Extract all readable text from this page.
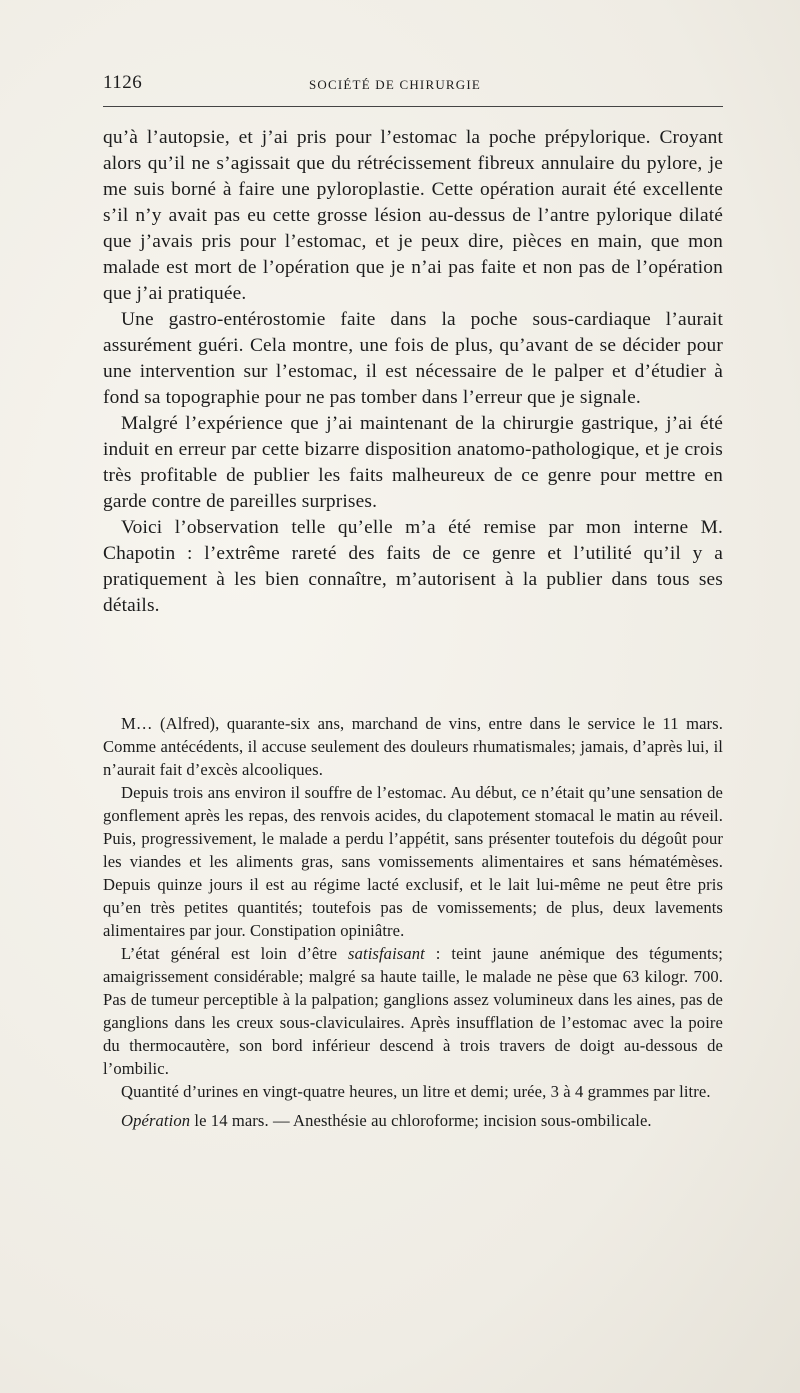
1126	SOCIÉTÉ DE CHIRURGIE

qu’à l’autopsie, et j’ai pris pour l’estomac la poche prépylorique. Croyant alors qu’il ne s’agissait que du rétrécissement fibreux annulaire du pylore, je me suis borné à faire une pyloroplastie. Cette opération aurait été excellente s’il n’y avait pas eu cette grosse lésion au-dessus de l’antre pylorique dilaté que j’avais pris pour l’estomac, et je peux dire, pièces en main, que mon malade est mort de l’opération que je n’ai pas faite et non pas de l’opération que j’ai pratiquée.

Une gastro-entérostomie faite dans la poche sous-cardiaque l’aurait assurément guéri. Cela montre, une fois de plus, qu’avant de se décider pour une intervention sur l’estomac, il est nécessaire de le palper et d’étudier à fond sa topographie pour ne pas tomber dans l’erreur que je signale.

Malgré l’expérience que j’ai maintenant de la chirurgie gastrique, j’ai été induit en erreur par cette bizarre disposition anatomo-pathologique, et je crois très profitable de publier les faits malheureux de ce genre pour mettre en garde contre de pareilles surprises.

Voici l’observation telle qu’elle m’a été remise par mon interne M. Chapotin : l’extrême rareté des faits de ce genre et l’utilité qu’il y a pratiquement à les bien connaître, m’autorisent à la publier dans tous ses détails.

M… (Alfred), quarante-six ans, marchand de vins, entre dans le service le 11 mars. Comme antécédents, il accuse seulement des douleurs rhumatismales; jamais, d’après lui, il n’aurait fait d’excès alcooliques.

Depuis trois ans environ il souffre de l’estomac. Au début, ce n’était qu’une sensation de gonflement après les repas, des renvois acides, du clapotement stomacal le matin au réveil. Puis, progressivement, le malade a perdu l’appétit, sans présenter toutefois du dégoût pour les viandes et les aliments gras, sans vomissements alimentaires et sans hématémèses. Depuis quinze jours il est au régime lacté exclusif, et le lait lui-même ne peut être pris qu’en très petites quantités; toutefois pas de vomissements; de plus, deux lavements alimentaires par jour. Constipation opiniâtre.

L’état général est loin d’être satisfaisant : teint jaune anémique des téguments; amaigrissement considérable; malgré sa haute taille, le malade ne pèse que 63 kilogr. 700. Pas de tumeur perceptible à la palpation; ganglions assez volumineux dans les aines, pas de ganglions dans les creux sous-claviculaires. Après insufflation de l’estomac avec la poire du thermocautère, son bord inférieur descend à trois travers de doigt au-dessous de l’ombilic.

Quantité d’urines en vingt-quatre heures, un litre et demi; urée, 3 à 4 grammes par litre.

Opération le 14 mars. — Anesthésie au chloroforme; incision sous-ombilicale.
